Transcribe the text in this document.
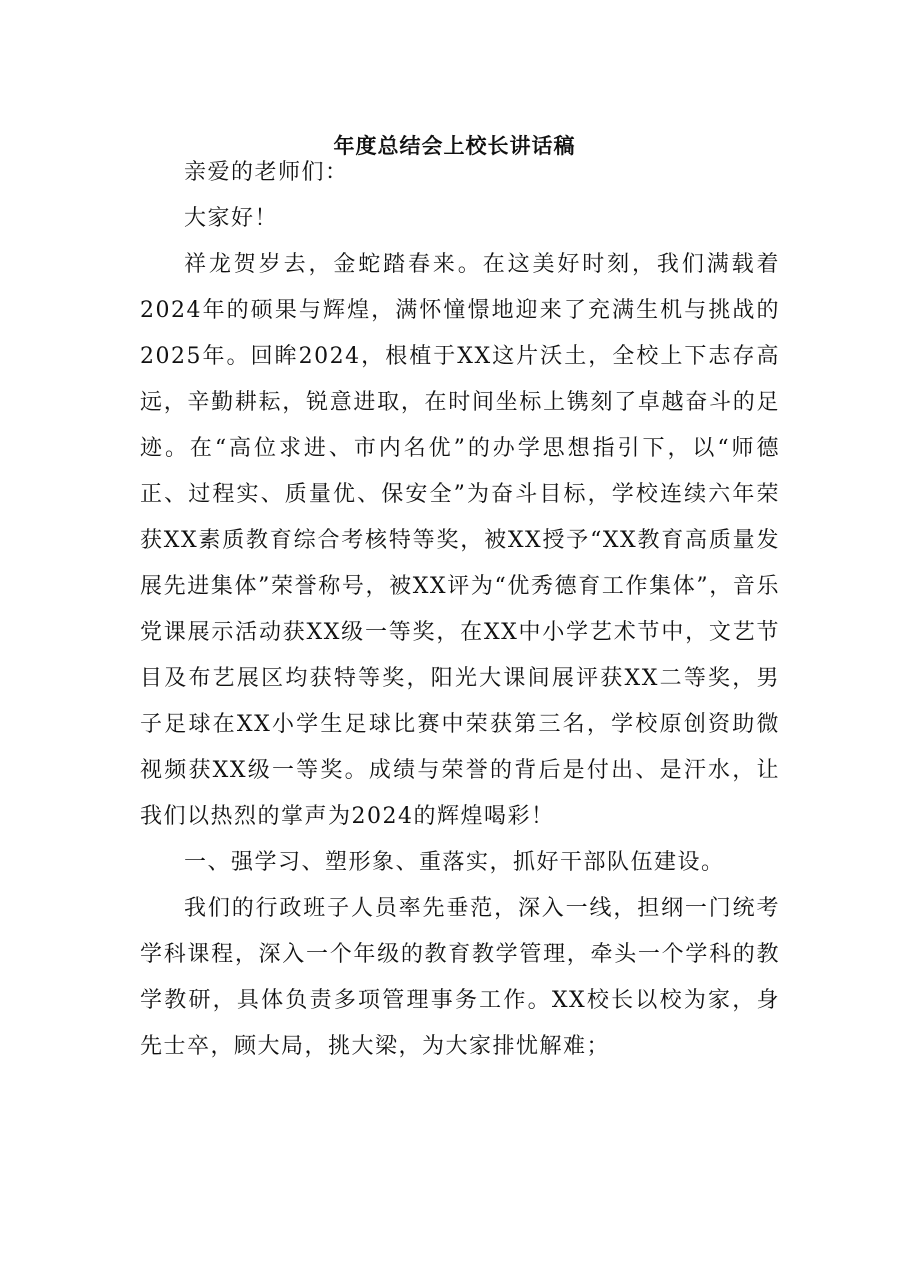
年度总结会上校长讲话稿

亲爱的老师们：

大家好！

祥龙贺岁去，金蛇踏春来。在这美好时刻，我们满载着2024年的硕果与辉煌，满怀憧憬地迎来了充满生机与挑战的2025年。回眸2024，根植于XX这片沃土，全校上下志存高远，辛勤耕耘，锐意进取，在时间坐标上镌刻了卓越奋斗的足迹。在“高位求进、市内名优”的办学思想指引下，以“师德正、过程实、质量优、保安全”为奋斗目标，学校连续六年荣获XX素质教育综合考核特等奖，被XX授予“XX教育高质量发展先进集体”荣誉称号，被XX评为“优秀德育工作集体”，音乐党课展示活动获XX级一等奖，在XX中小学艺术节中，文艺节目及布艺展区均获特等奖，阳光大课间展评获XX二等奖，男子足球在XX小学生足球比赛中荣获第三名，学校原创资助微视频获XX级一等奖。成绩与荣誉的背后是付出、是汗水，让我们以热烈的掌声为2024的辉煌喝彩！

一、强学习、塑形象、重落实，抓好干部队伍建设。

我们的行政班子人员率先垂范，深入一线，担纲一门统考学科课程，深入一个年级的教育教学管理，牵头一个学科的教学教研，具体负责多项管理事务工作。XX校长以校为家，身先士卒，顾大局，挑大梁，为大家排忧解难；
